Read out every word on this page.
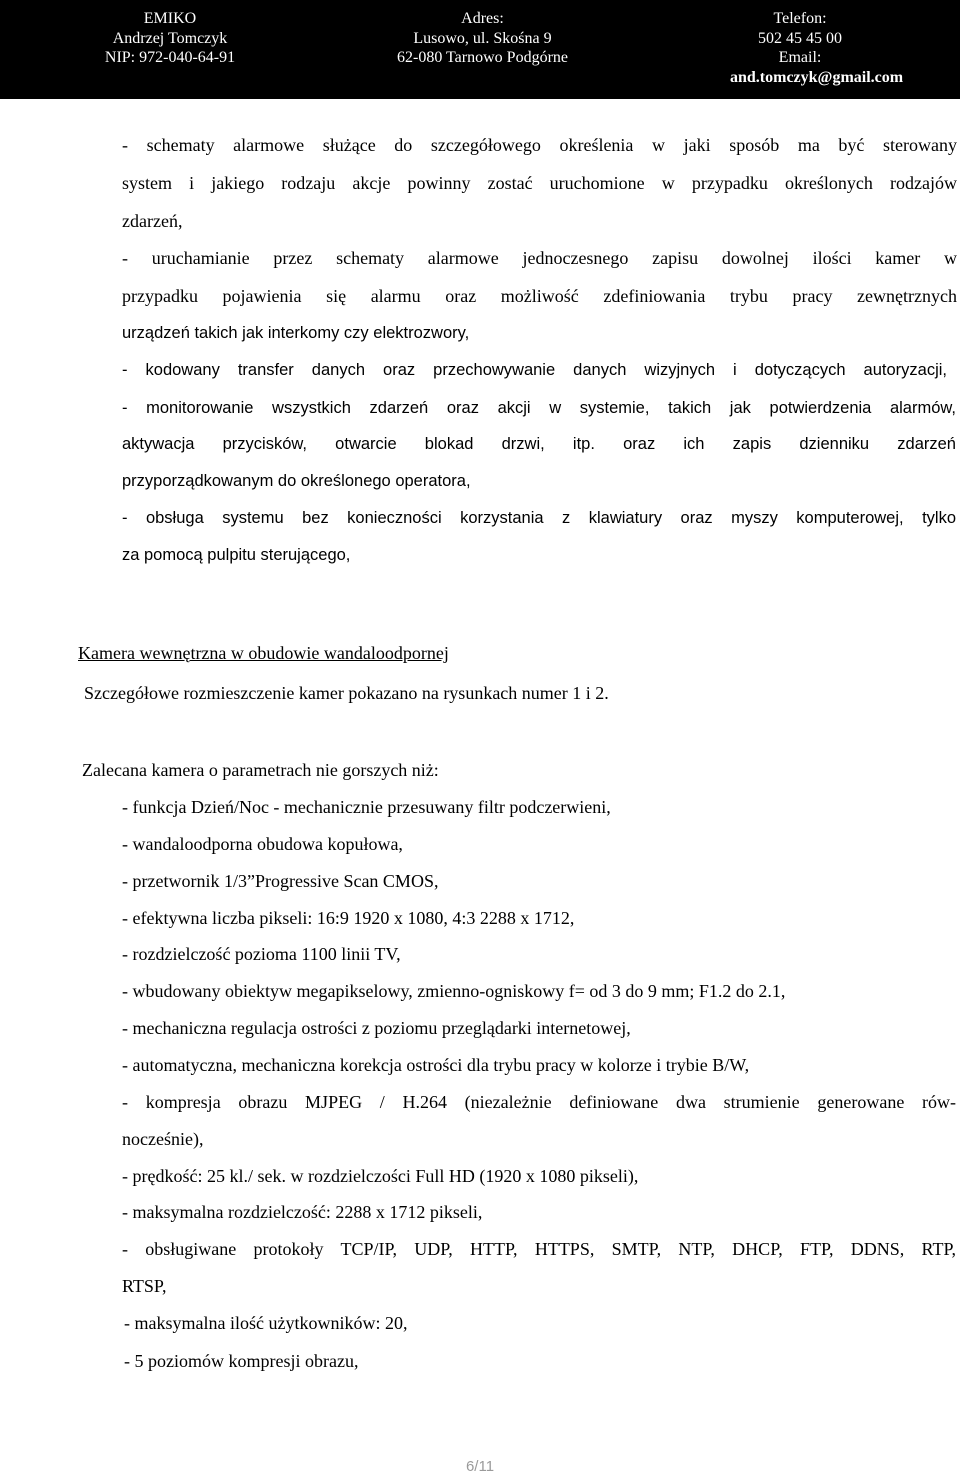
EMIKO
Andrzej Tomczyk
NIP: 972-040-64-91
Adres:
Lusowo, ul. Skośna 9
62-080 Tarnowo Podgórne
Telefon:
502 45 45 00
Email:
and.tomczyk@gmail.com
- schematy alarmowe służące do szczegółowego określenia w jaki sposób ma być sterowany
system i jakiego rodzaju akcje powinny zostać uruchomione w przypadku określonych rodzajów
zdarzeń,
- uruchamianie przez schematy alarmowe jednoczesnego zapisu dowolnej ilości kamer w
przypadku pojawienia się alarmu oraz możliwość zdefiniowania trybu pracy zewnętrznych
urządzeń takich jak interkomy czy elektrozwory,
- kodowany transfer danych oraz przechowywanie danych wizyjnych i dotyczących autoryzacji,
- monitorowanie wszystkich zdarzeń oraz akcji w systemie, takich jak potwierdzenia alarmów,
aktywacja przycisków, otwarcie blokad drzwi, itp. oraz ich zapis dzienniku zdarzeń
przyporządkowanym do określonego operatora,
- obsługa systemu bez konieczności korzystania z klawiatury oraz myszy komputerowej, tylko
za pomocą pulpitu sterującego,
Kamera wewnętrzna w obudowie wandaloodpornej
Szczegółowe rozmieszczenie kamer pokazano na rysunkach numer 1 i 2.
Zalecana kamera o parametrach nie gorszych niż:
- funkcja Dzień/Noc - mechanicznie przesuwany filtr podczerwieni,
- wandaloodporna obudowa kopułowa,
- przetwornik 1/3”Progressive Scan CMOS,
- efektywna liczba pikseli: 16:9 1920 x 1080, 4:3 2288 x 1712,
- rozdzielczość pozioma 1100 linii TV,
- wbudowany obiektyw megapikselowy, zmienno-ogniskowy f= od 3 do 9 mm; F1.2 do 2.1,
- mechaniczna regulacja ostrości z poziomu przeglądarki internetowej,
- automatyczna, mechaniczna korekcja ostrości dla trybu pracy w kolorze i trybie B/W,
- kompresja obrazu MJPEG / H.264 (niezależnie definiowane dwa strumienie generowane rów-
nocześnie),
- prędkość: 25 kl./ sek. w rozdzielczości Full HD (1920 x 1080 pikseli),
- maksymalna rozdzielczość: 2288 x 1712 pikseli,
- obsługiwane protokoły TCP/IP, UDP, HTTP, HTTPS, SMTP, NTP, DHCP, FTP, DDNS, RTP,
RTSP,
- maksymalna ilość użytkowników: 20,
- 5 poziomów kompresji obrazu,
6/11
